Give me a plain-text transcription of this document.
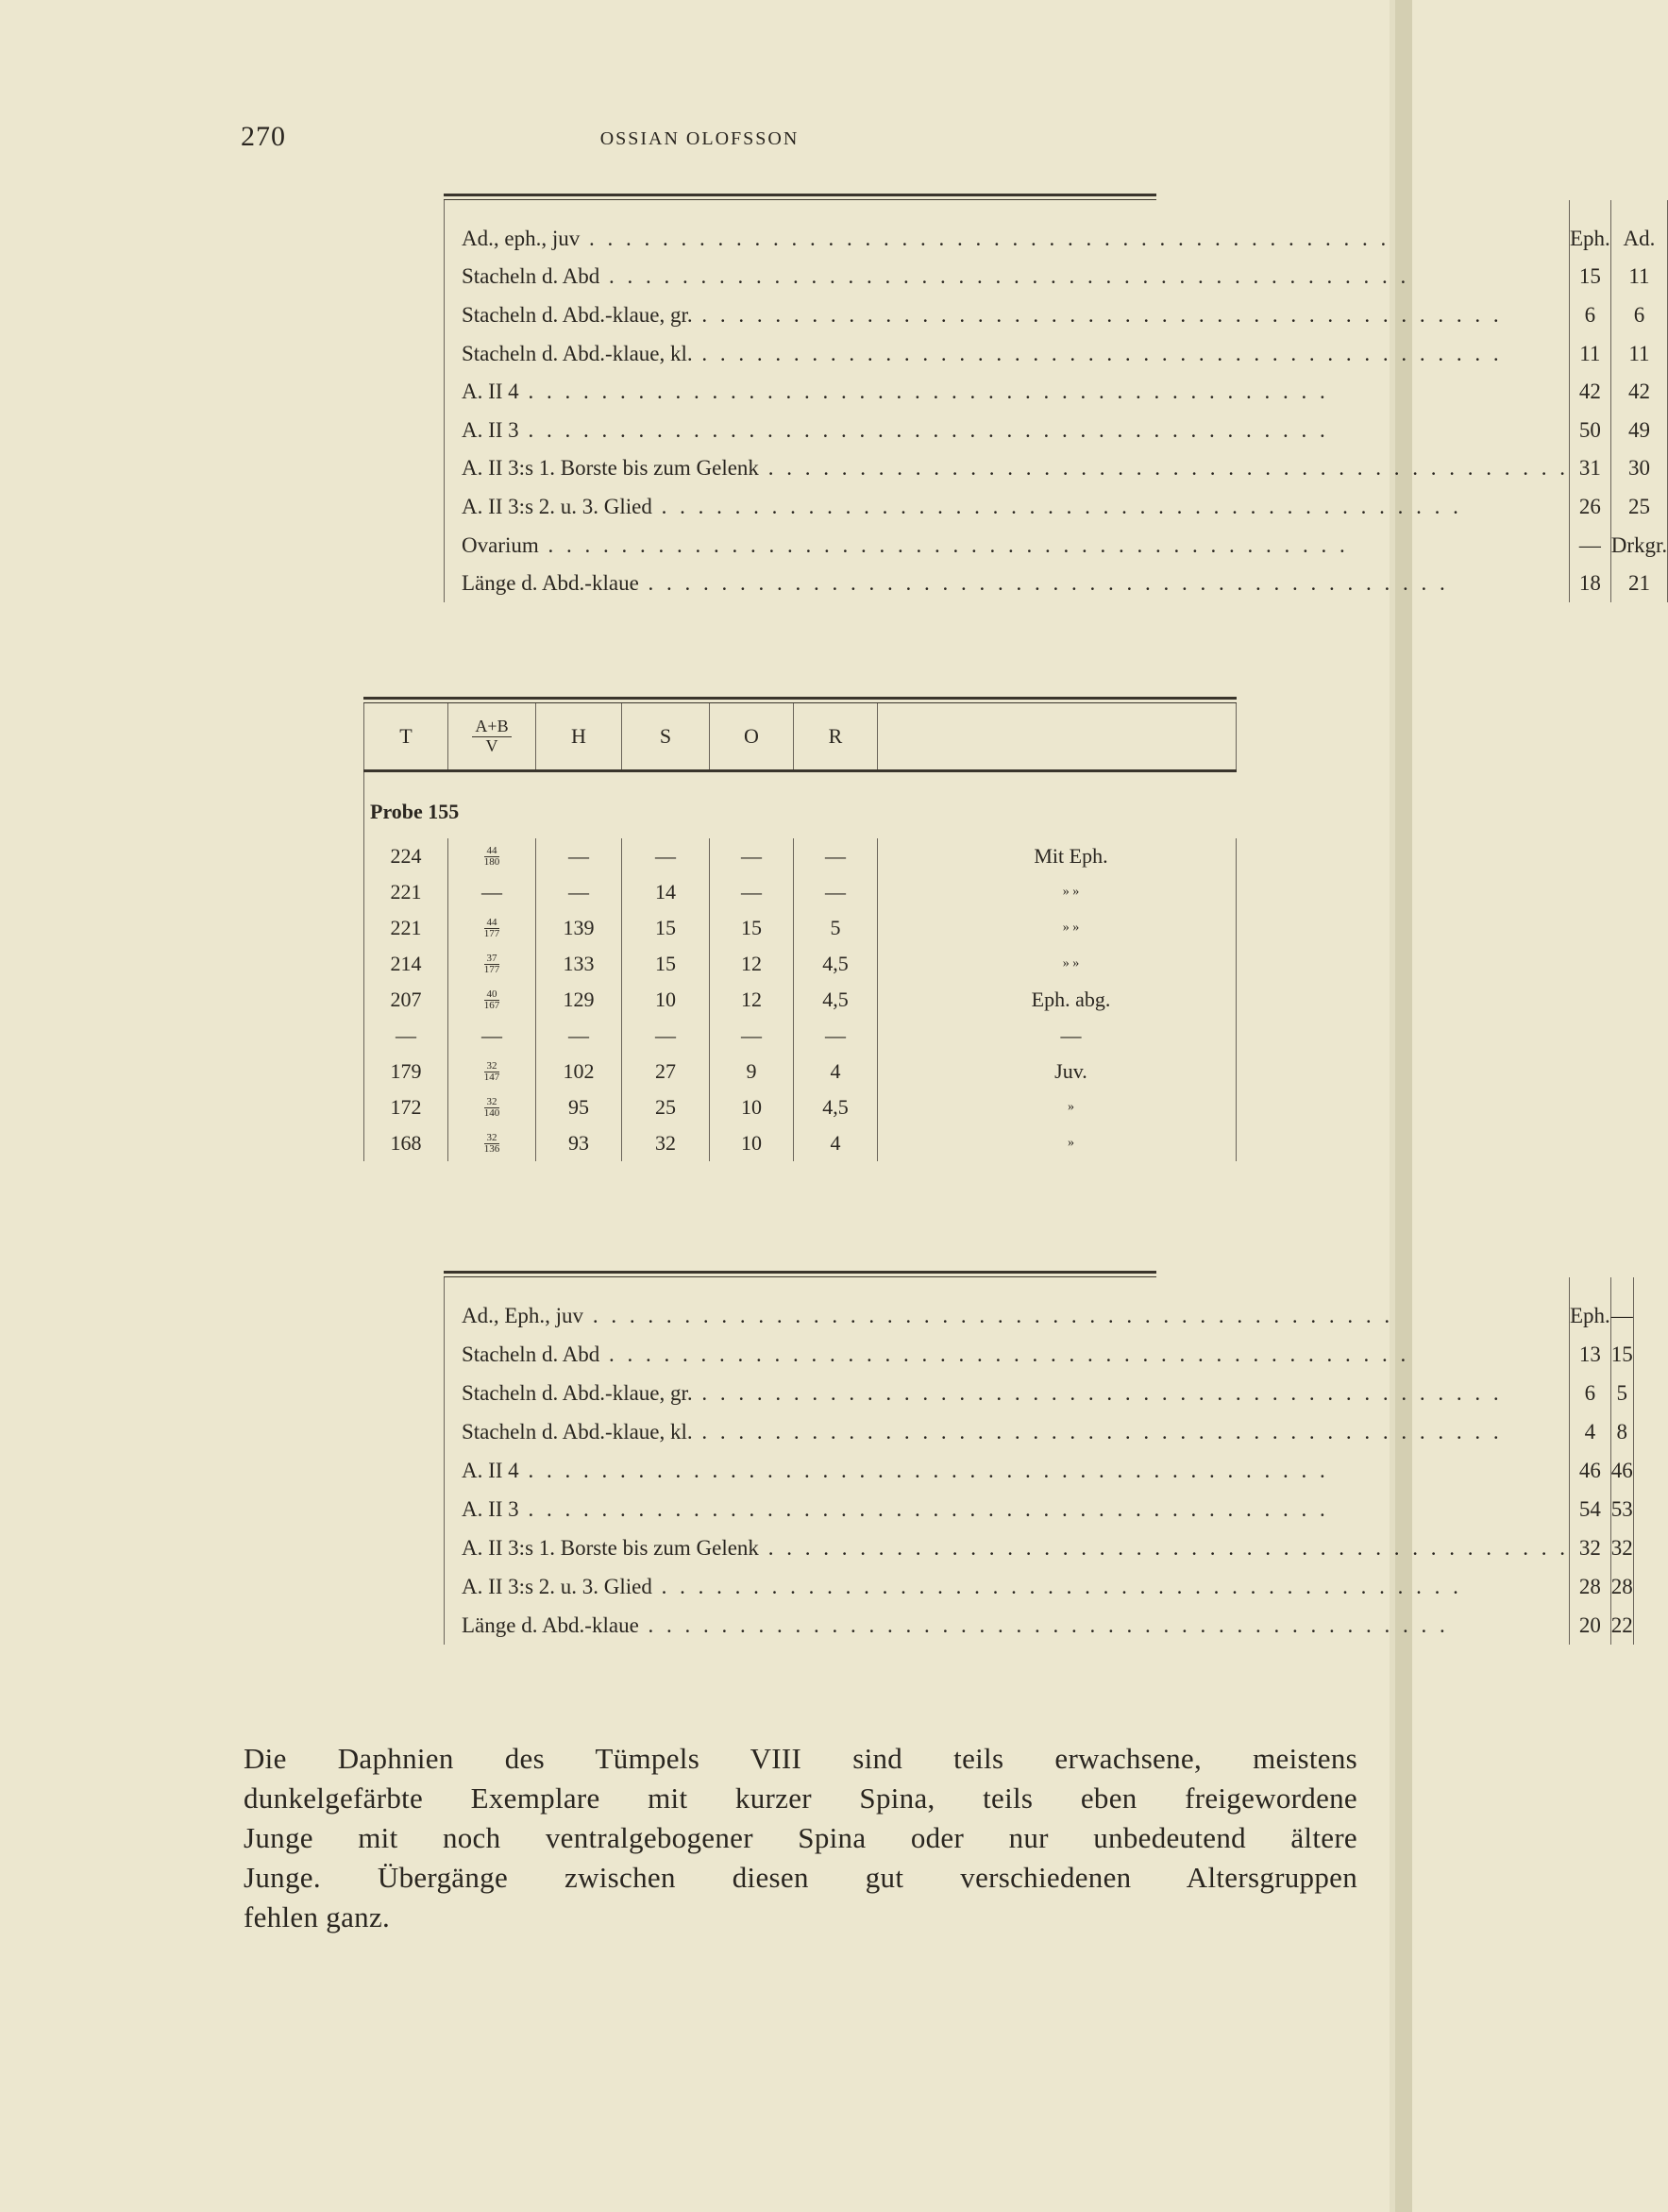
270	OSSIAN OLOFSSON
Ad., eph., juv . . .	Eph.	Ad.

Stacheln d. Abd . . .	15	11

Stacheln d. Abd.-klaue, gr. . . .	6	6

Stacheln d. Abd.-klaue, kl. . . .	11	11

A. II 4 . . .	42	42

A. II 3 . . .	50	49

A. II 3:s 1. Borste bis zum Gelenk . . .	31	30

A. II 3:s 2. u. 3. Glied . . .	26	25

Ovarium . . .	—	Drkgr.

Länge d. Abd.-klaue . . .	18	21
T	$\frac{A+B}{V}$	H	S	O	R	
Probe 155						
224	$\frac{44}{180}$	—	—	—	—	Mit Eph.
221	—	—	14	—	—	» »
221	$\frac{44}{177}$	139	15	15	5	» »
214	$\frac{37}{177}$	133	15	12	4,5	» »
207	$\frac{40}{167}$	129	10	12	4,5	Eph. abg.
—	—	—	—	—	—	—
179	$\frac{32}{147}$	102	27	9	4	Juv.
172	$\frac{32}{140}$	95	25	10	4,5	»
168	$\frac{32}{136}$	93	32	10	4	»
Ad., Eph., juv . . .	Eph.	—

Stacheln d. Abd . . .	13	15

Stacheln d. Abd.-klaue, gr. . . .	6	5

Stacheln d. Abd.-klaue, kl. . . .	4	8

A. II 4 . . .	46	46

A. II 3 . . .	54	53

A. II 3:s 1. Borste bis zum Gelenk . . .	32	32

A. II 3:s 2. u. 3. Glied . . .	28	28

Länge d. Abd.-klaue . . .	20	22
Die Daphnien des Tümpels VIII sind teils erwachsene, meistens
dunkelgefärbte Exemplare mit kurzer Spina, teils eben freigewordene
Junge mit noch ventralgebogener Spina oder nur unbedeutend ältere
Junge. Übergänge zwischen diesen gut verschiedenen Altersgruppen
fehlen ganz.
